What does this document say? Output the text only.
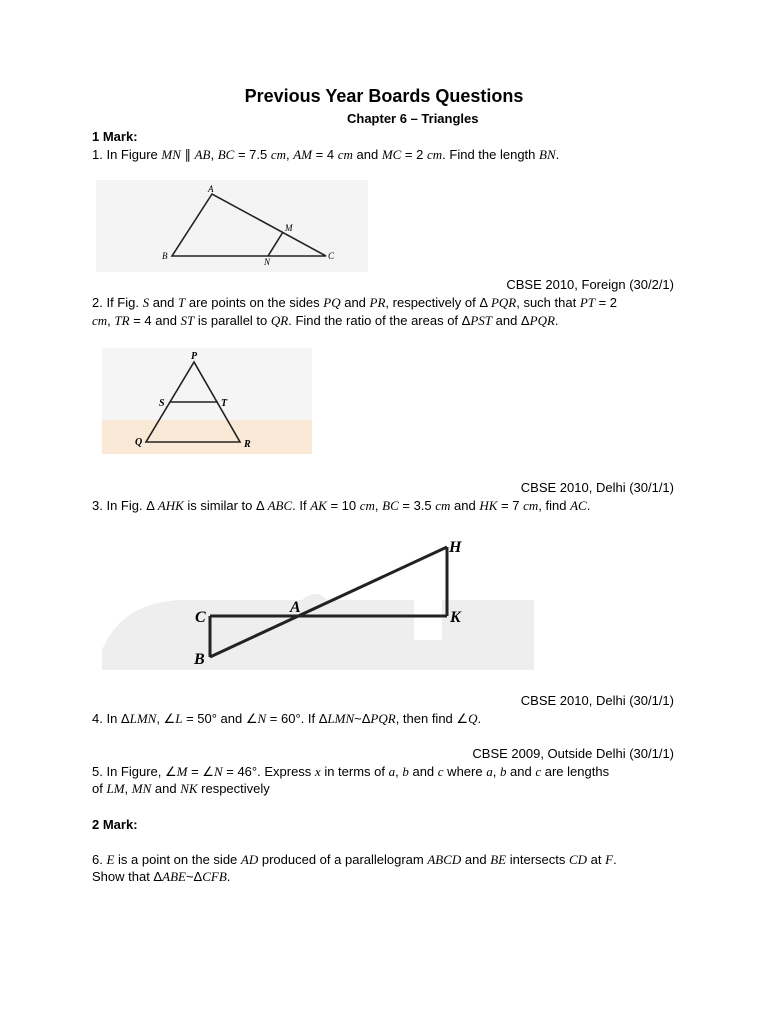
Previous Year Boards Questions
Chapter 6 – Triangles
1 Mark:
1. In Figure MN ∥ AB, BC = 7.5 cm, AM = 4 cm and MC = 2 cm. Find the length BN.
A
B	C
M
N
CBSE 2010, Foreign (30/2/1)
2. If Fig. S and T are points on the sides PQ and PR, respectively of Δ PQR, such that PT = 2
cm, TR = 4 and ST is parallel to QR. Find the ratio of the areas of ΔPST and ΔPQR.
P
Q	R
S	T
CBSE 2010, Delhi (30/1/1)
3. In Fig. Δ AHK is similar to Δ ABC. If AK = 10 cm, BC = 3.5 cm and HK = 7 cm, find AC.
H
C
A
K
B
CBSE 2010, Delhi (30/1/1)
4. In ΔLMN, ∠L = 50° and ∠N = 60°. If ΔLMN~ΔPQR, then find ∠Q.
CBSE 2009, Outside Delhi (30/1/1)
5. In Figure, ∠M = ∠N = 46°. Express x in terms of a, b and c where a, b and c are lengths
of LM, MN and NK respectively
2 Mark:
6. E is a point on the side AD produced of a parallelogram ABCD and BE intersects CD at F.
Show that ΔABE~ΔCFB.
